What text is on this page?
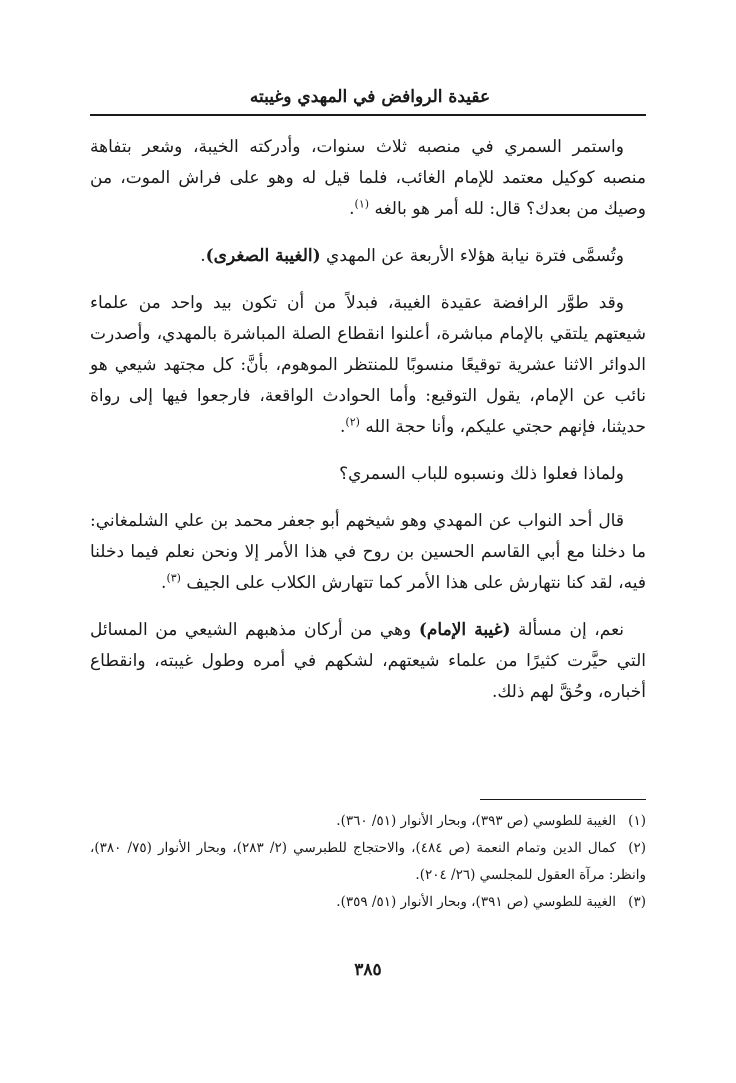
عقيدة الروافض في المهدي وغيبته

واستمر السمري في منصبه ثلاث سنوات، وأدركته الخيبة، وشعر بتفاهة منصبه كوكيل معتمد للإمام الغائب، فلما قيل له وهو على فراش الموت، من وصيك من بعدك؟ قال: لله أمر هو بالغه $^{(١)}$.

وتُسمَّى فترة نيابة هؤلاء الأربعة عن المهدي (الغيبة الصغرى).

وقد طوَّر الرافضة عقيدة الغيبة، فبدلاً من أن تكون بيد واحد من علماء شيعتهم يلتقي بالإمام مباشرة، أعلنوا انقطاع الصلة المباشرة بالمهدي، وأصدرت الدوائر الاثنا عشرية توقيعًا منسوبًا للمنتظر الموهوم، بأنَّ: كل مجتهد شيعي هو نائب عن الإمام، يقول التوقيع: وأما الحوادث الواقعة، فارجعوا فيها إلى رواة حديثنا، فإنهم حجتي عليكم، وأنا حجة الله $^{(٢)}$.

ولماذا فعلوا ذلك ونسبوه للباب السمري؟

قال أحد النواب عن المهدي وهو شيخهم أبو جعفر محمد بن علي الشلمغاني: ما دخلنا مع أبي القاسم الحسين بن روح في هذا الأمر إلا ونحن نعلم فيما دخلنا فيه، لقد كنا نتهارش على هذا الأمر كما تتهارش الكلاب على الجيف $^{(٣)}$.

نعم، إن مسألة (غيبة الإمام) وهي من أركان مذهبهم الشيعي من المسائل التي حيَّرت كثيرًا من علماء شيعتهم، لشكهم في أمره وطول غيبته، وانقطاع أخباره، وحُقَّ لهم ذلك.

(١)الغيبة للطوسي (ص ٣٩٣)، وبحار الأنوار (٥١/ ٣٦٠).

(٢)كمال الدين وتمام النعمة (ص ٤٨٤)، والاحتجاج للطبرسي (٢/ ٢٨٣)، وبحار الأنوار (٧٥/ ٣٨٠)، وانظر: مرآة العقول للمجلسي (٢٦/ ٢٠٤).

(٣)الغيبة للطوسي (ص ٣٩١)، وبحار الأنوار (٥١/ ٣٥٩).

٣٨٥
